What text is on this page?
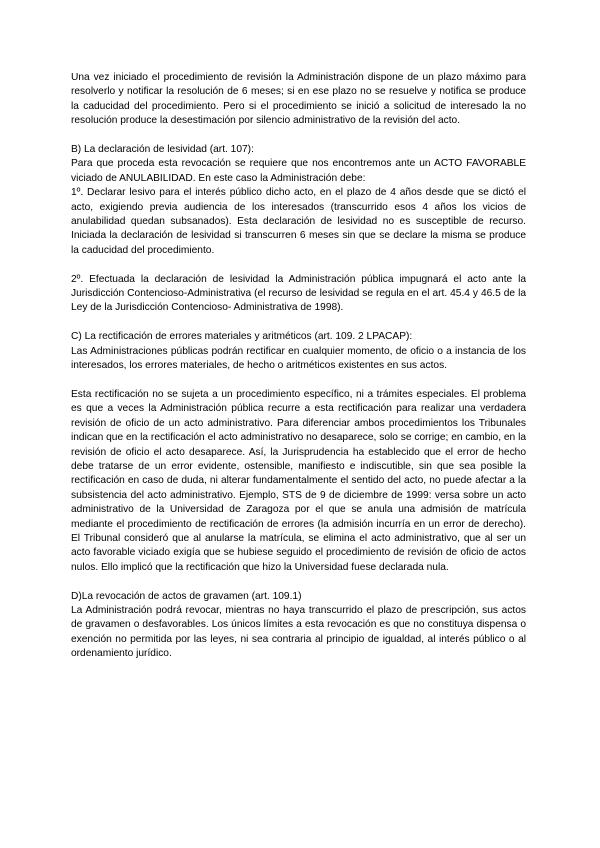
Una vez iniciado el procedimiento de revisión la Administración dispone de un plazo máximo para resolverlo y notificar la resolución de 6 meses; si en ese plazo no se resuelve y notifica se produce la caducidad del procedimiento. Pero si el procedimiento se inició a solicitud de interesado la no resolución produce la desestimación por silencio administrativo de la revisión del acto.

B) La declaración de lesividad (art. 107):

Para que proceda esta revocación se requiere que nos encontremos ante un ACTO FAVORABLE viciado de ANULABILIDAD. En este caso la Administración debe:

1º. Declarar lesivo para el interés público dicho acto, en el plazo de 4 años desde que se dictó el acto, exigiendo previa audiencia de los interesados (transcurrido esos 4 años los vicios de anulabilidad quedan subsanados). Esta declaración de lesividad no es susceptible de recurso. Iniciada la declaración de lesividad si transcurren 6 meses sin que se declare la misma se produce la caducidad del procedimiento.

2º. Efectuada la declaración de lesividad la Administración pública impugnará el acto ante la Jurisdicción Contencioso-Administrativa (el recurso de lesividad se regula en el art. 45.4 y 46.5 de la Ley de la Jurisdicción Contencioso- Administrativa de 1998).

C) La rectificación de errores materiales y aritméticos (art. 109. 2 LPACAP):

Las Administraciones públicas podrán rectificar en cualquier momento, de oficio o a instancia de los interesados, los errores materiales, de hecho o aritméticos existentes en sus actos.

Esta rectificación no se sujeta a un procedimiento específico, ni a trámites especiales. El problema es que a veces la Administración pública recurre a esta rectificación para realizar una verdadera revisión de oficio de un acto administrativo. Para diferenciar ambos procedimientos los Tribunales indican que en la rectificación el acto administrativo no desaparece, solo se corrige; en cambio, en la revisión de oficio el acto desaparece. Así, la Jurisprudencia ha establecido que el error de hecho debe tratarse de un error evidente, ostensible, manifiesto e indiscutible, sin que sea posible la rectificación en caso de duda, ni alterar fundamentalmente el sentido del acto, no puede afectar a la subsistencia del acto administrativo. Ejemplo, STS de 9 de diciembre de 1999: versa sobre un acto administrativo de la Universidad de Zaragoza por el que se anula una admisión de matrícula mediante el procedimiento de rectificación de errores (la admisión incurría en un error de derecho). El Tribunal consideró que al anularse la matrícula, se elimina el acto administrativo, que al ser un acto favorable viciado exigía que se hubiese seguido el procedimiento de revisión de oficio de actos nulos. Ello implicó que la rectificación que hizo la Universidad fuese declarada nula.

D)La revocación de actos de gravamen (art. 109.1)

La Administración podrá revocar, mientras no haya transcurrido el plazo de prescripción, sus actos de gravamen o desfavorables. Los únicos límites a esta revocación es que no constituya dispensa o exención no permitida por las leyes, ni sea contraria al principio de igualdad, al interés público o al ordenamiento jurídico.
